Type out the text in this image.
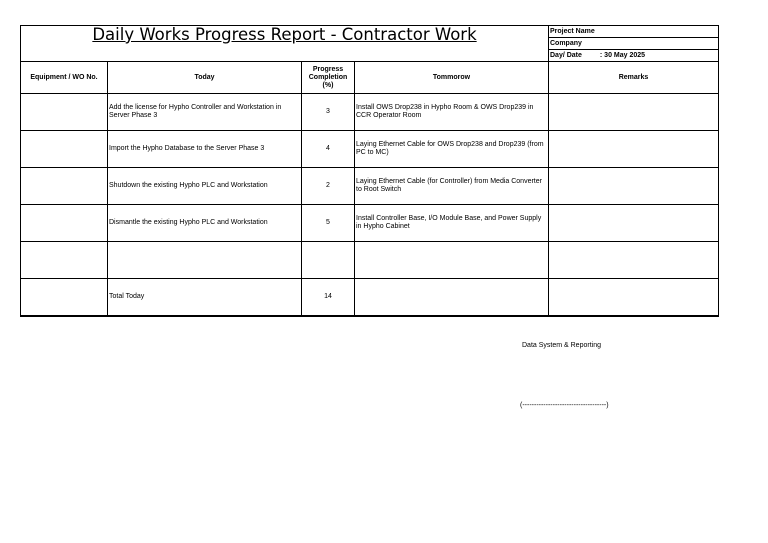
Daily Works Progress Report - Contractor Work				Project Name
				Company
				Day/ Date : 30 May 2025
Equipment / WO No.	Today	Progress
Completion
(%)	Tommorow	Remarks
	Add the license for Hypho Controller and Workstation in Server Phase 3	3	Install OWS Drop238 in Hypho Room & OWS Drop239 in CCR Operator Room	
	Import the Hypho Database to the Server Phase 3	4	Laying Ethernet Cable for OWS Drop238 and Drop239 (from PC to MC)	
	Shutdown the existing Hypho PLC and Workstation	2	Laying Ethernet Cable (for Controller) from Media Converter to Root Switch	
	Dismantle the existing Hypho PLC and Workstation	5	Install Controller Base, I/O Module Base, and Power Supply in Hypho Cabinet	

	Total Today	14		
Data System & Reporting
(------------------------------------)
